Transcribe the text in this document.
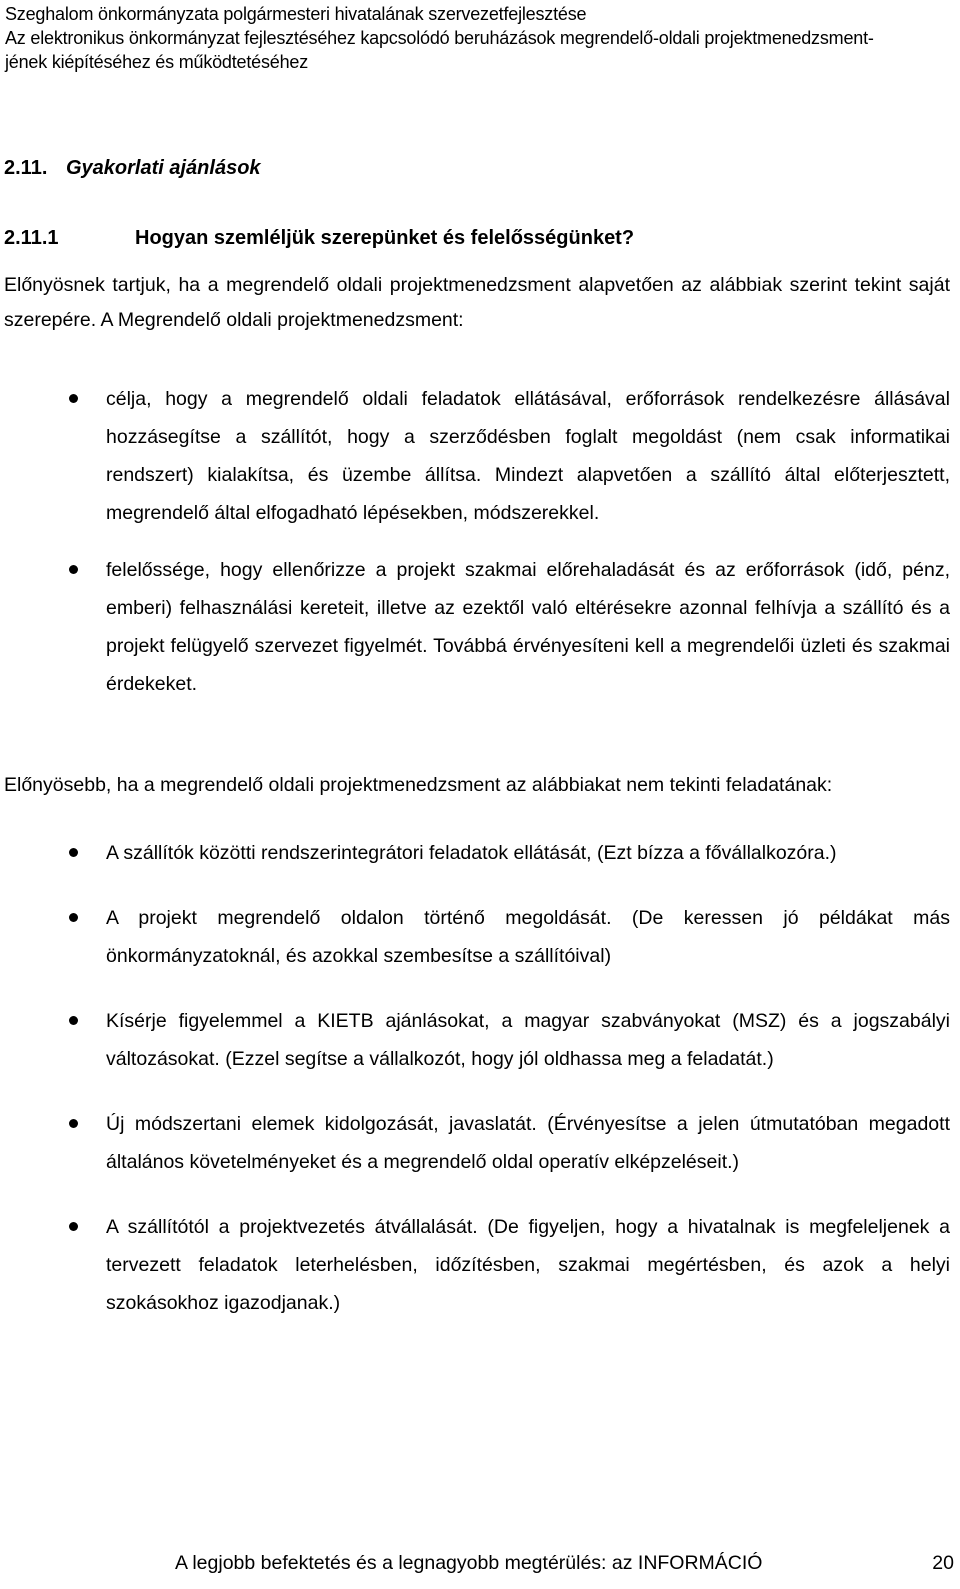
Szeghalom önkormányzata polgármesteri hivatalának szervezetfejlesztése
Az elektronikus önkormányzat fejlesztéséhez kapcsolódó beruházások megrendelő-oldali projektmenedzsment-
jének kiépítéséhez és működtetéséhez
2.11. Gyakorlati ajánlások
2.11.1	Hogyan szemléljük szerepünket és felelősségünket?
Előnyösnek tartjuk, ha a megrendelő oldali projektmenedzsment alapvetően az alábbiak szerint tekint saját szerepére. A Megrendelő oldali projektmenedzsment:
célja, hogy a megrendelő oldali feladatok ellátásával, erőforrások rendelkezésre állásával hozzásegítse a szállítót, hogy a szerződésben foglalt megoldást (nem csak informatikai rendszert) kialakítsa, és üzembe állítsa. Mindezt alapvetően a szállító által előterjesztett, megrendelő által elfogadható lépésekben, módszerekkel.
felelőssége, hogy ellenőrizze a projekt szakmai előrehaladását és az erőforrások (idő, pénz, emberi) felhasználási kereteit, illetve az ezektől való eltérésekre azonnal felhívja a szállító és a projekt felügyelő szervezet figyelmét. Továbbá érvényesíteni kell a megrendelői üzleti és szakmai érdekeket.
Előnyösebb, ha a megrendelő oldali projektmenedzsment az alábbiakat nem tekinti feladatának:
A szállítók közötti rendszerintegrátori feladatok ellátását, (Ezt bízza a fővállalkozóra.)
A projekt megrendelő oldalon történő megoldását. (De keressen jó példákat más önkormányzatoknál, és azokkal szembesítse a szállítóival)
Kísérje figyelemmel a KIETB ajánlásokat, a magyar szabványokat (MSZ) és a jogszabályi változásokat. (Ezzel segítse a vállalkozót, hogy jól oldhassa meg a feladatát.)
Új módszertani elemek kidolgozását, javaslatát. (Érvényesítse a jelen útmutatóban megadott általános követelményeket és a megrendelő oldal operatív elképzeléseit.)
A szállítótól a projektvezetés átvállalását. (De figyeljen, hogy a hivatalnak is megfeleljenek a tervezett feladatok leterhelésben, időzítésben, szakmai megértésben, és azok a helyi szokásokhoz igazodjanak.)
A legjobb befektetés és a legnagyobb megtérülés: az INFORMÁCIÓ	20
